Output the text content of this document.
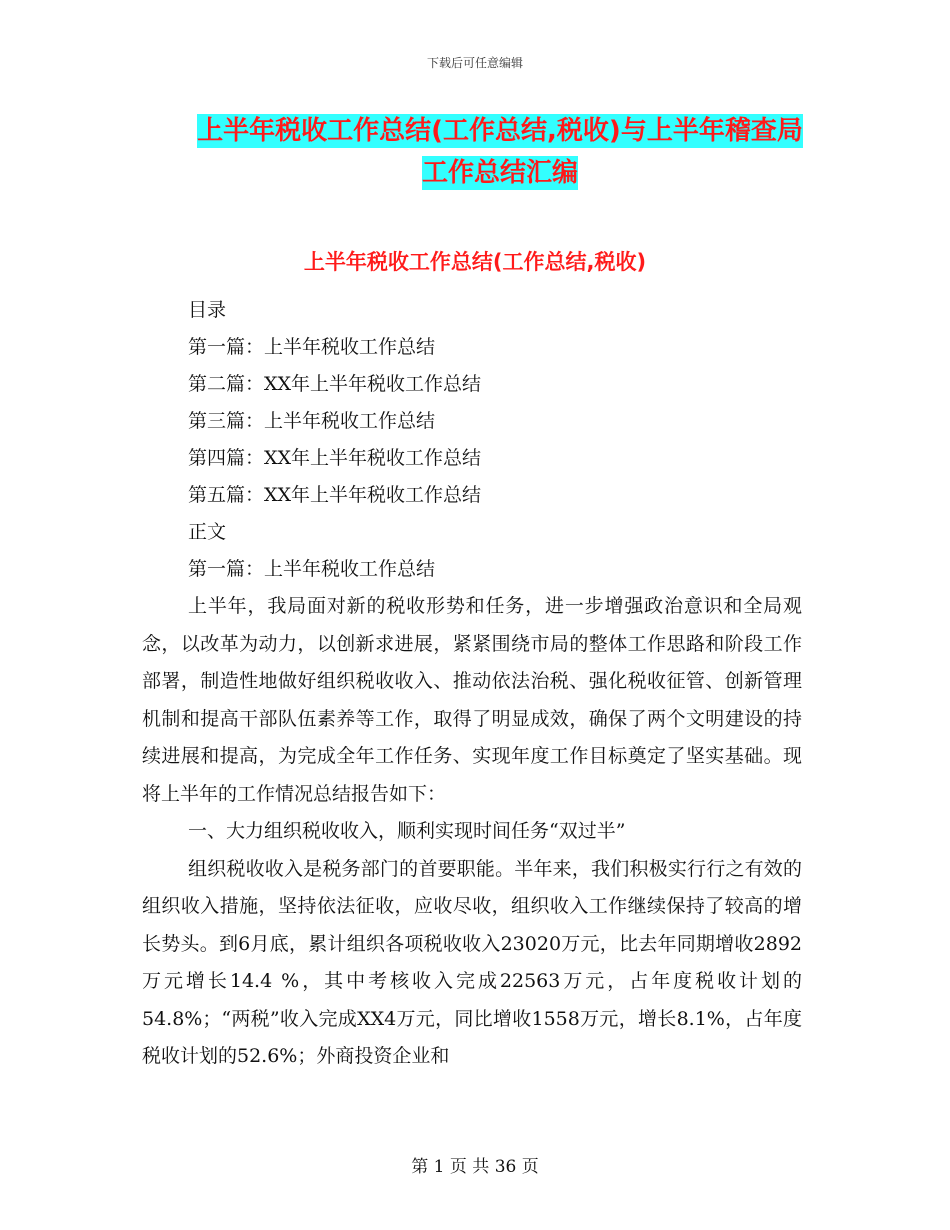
下载后可任意编辑
上半年税收工作总结(工作总结,税收)与上半年稽查局
工作总结汇编
上半年税收工作总结(工作总结,税收)
目录
第一篇：上半年税收工作总结
第二篇：XX年上半年税收工作总结
第三篇：上半年税收工作总结
第四篇：XX年上半年税收工作总结
第五篇：XX年上半年税收工作总结
正文
第一篇：上半年税收工作总结

上半年，我局面对新的税收形势和任务，进一步增强政治意识和全局观念，以改革为动力，以创新求进展，紧紧围绕市局的整体工作思路和阶段工作部署，制造性地做好组织税收收入、推动依法治税、强化税收征管、创新管理机制和提高干部队伍素养等工作，取得了明显成效，确保了两个文明建设的持续进展和提高，为完成全年工作任务、实现年度工作目标奠定了坚实基础。现将上半年的工作情况总结报告如下：

一、大力组织税收收入，顺利实现时间任务“双过半”

组织税收收入是税务部门的首要职能。半年来，我们积极实行行之有效的组织收入措施，坚持依法征收，应收尽收，组织收入工作继续保持了较高的增长势头。到6月底，累计组织各项税收收入23020万元，比去年同期增收2892万元增长14.4 %，其中考核收入完成22563万元，占年度税收计划的54.8%；“两税”收入完成XX4万元，同比增收1558万元，增长8.1%，占年度税收计划的52.6%；外商投资企业和

第 1 页 共 36 页
